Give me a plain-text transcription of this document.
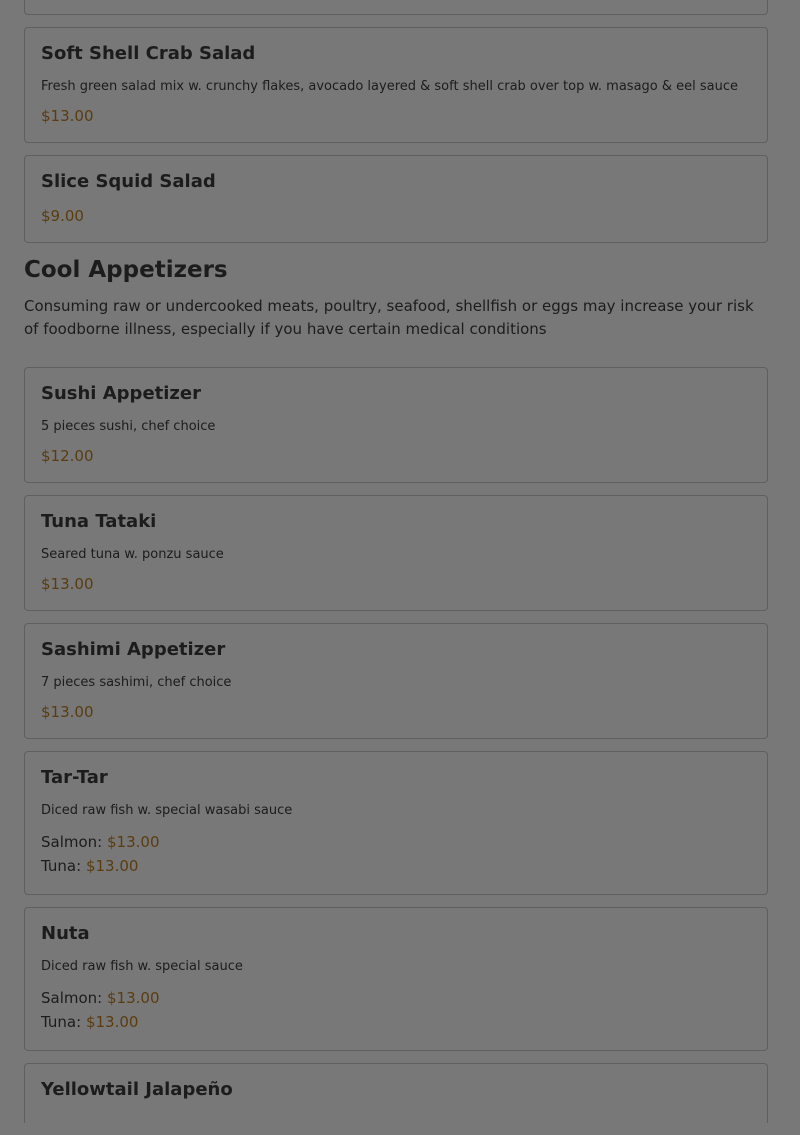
Soft Shell Crab Salad
Fresh green salad mix w. crunchy flakes, avocado layered & soft shell crab over top w. masago & eel sauce
$13.00
Slice Squid Salad
$9.00
Cool Appetizers
Consuming raw or undercooked meats, poultry, seafood, shellfish or eggs may increase your risk of foodborne illness, especially if you have certain medical conditions
Sushi Appetizer
5 pieces sushi, chef choice
$12.00
Tuna Tataki
Seared tuna w. ponzu sauce
$13.00
Sashimi Appetizer
7 pieces sashimi, chef choice
$13.00
Tar-Tar
Diced raw fish w. special wasabi sauce
Salmon: $13.00
Tuna: $13.00
Nuta
Diced raw fish w. special sauce
Salmon: $13.00
Tuna: $13.00
Yellowtail Jalapeño
